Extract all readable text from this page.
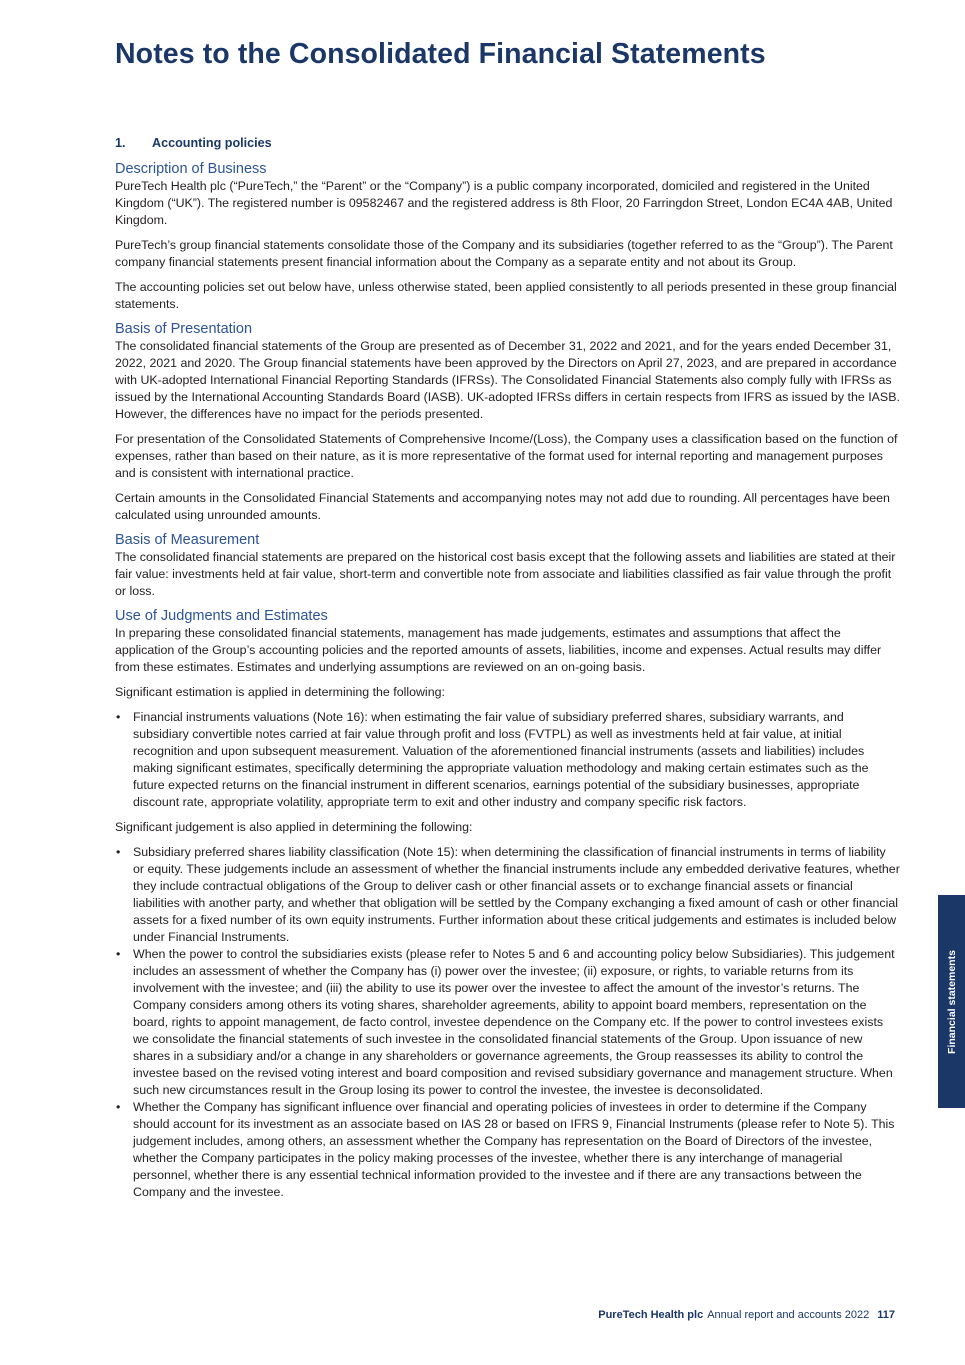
Notes to the Consolidated Financial Statements
1. Accounting policies
Description of Business

PureTech Health plc (“PureTech,” the “Parent” or the “Company”) is a public company incorporated, domiciled and registered in the United Kingdom (“UK”). The registered number is 09582467 and the registered address is 8th Floor, 20 Farringdon Street, London EC4A 4AB, United Kingdom.

PureTech’s group financial statements consolidate those of the Company and its subsidiaries (together referred to as the “Group”). The Parent company financial statements present financial information about the Company as a separate entity and not about its Group.

The accounting policies set out below have, unless otherwise stated, been applied consistently to all periods presented in these group financial statements.

Basis of Presentation

The consolidated financial statements of the Group are presented as of December 31, 2022 and 2021, and for the years ended December 31, 2022, 2021 and 2020. The Group financial statements have been approved by the Directors on April 27, 2023, and are prepared in accordance with UK-adopted International Financial Reporting Standards (IFRSs). The Consolidated Financial Statements also comply fully with IFRSs as issued by the International Accounting Standards Board (IASB). UK-adopted IFRSs differs in certain respects from IFRS as issued by the IASB. However, the differences have no impact for the periods presented.

For presentation of the Consolidated Statements of Comprehensive Income/(Loss), the Company uses a classification based on the function of expenses, rather than based on their nature, as it is more representative of the format used for internal reporting and management purposes and is consistent with international practice.

Certain amounts in the Consolidated Financial Statements and accompanying notes may not add due to rounding. All percentages have been calculated using unrounded amounts.

Basis of Measurement

The consolidated financial statements are prepared on the historical cost basis except that the following assets and liabilities are stated at their fair value: investments held at fair value, short-term and convertible note from associate and liabilities classified as fair value through the profit or loss.

Use of Judgments and Estimates

In preparing these consolidated financial statements, management has made judgements, estimates and assumptions that affect the application of the Group’s accounting policies and the reported amounts of assets, liabilities, income and expenses. Actual results may differ from these estimates. Estimates and underlying assumptions are reviewed on an on-going basis.

Significant estimation is applied in determining the following:

• Financial instruments valuations (Note 16): when estimating the fair value of subsidiary preferred shares, subsidiary warrants, and subsidiary convertible notes carried at fair value through profit and loss (FVTPL) as well as investments held at fair value, at initial recognition and upon subsequent measurement. Valuation of the aforementioned financial instruments (assets and liabilities) includes making significant estimates, specifically determining the appropriate valuation methodology and making certain estimates such as the future expected returns on the financial instrument in different scenarios, earnings potential of the subsidiary businesses, appropriate discount rate, appropriate volatility, appropriate term to exit and other industry and company specific risk factors.

Significant judgement is also applied in determining the following:

• Subsidiary preferred shares liability classification (Note 15): when determining the classification of financial instruments in terms of liability or equity. These judgements include an assessment of whether the financial instruments include any embedded derivative features, whether they include contractual obligations of the Group to deliver cash or other financial assets or to exchange financial assets or financial liabilities with another party, and whether that obligation will be settled by the Company exchanging a fixed amount of cash or other financial assets for a fixed number of its own equity instruments. Further information about these critical judgements and estimates is included below under Financial Instruments.
• When the power to control the subsidiaries exists (please refer to Notes 5 and 6 and accounting policy below Subsidiaries). This judgement includes an assessment of whether the Company has (i) power over the investee; (ii) exposure, or rights, to variable returns from its involvement with the investee; and (iii) the ability to use its power over the investee to affect the amount of the investor’s returns. The Company considers among others its voting shares, shareholder agreements, ability to appoint board members, representation on the board, rights to appoint management, de facto control, investee dependence on the Company etc. If the power to control investees exists we consolidate the financial statements of such investee in the consolidated financial statements of the Group. Upon issuance of new shares in a subsidiary and/or a change in any shareholders or governance agreements, the Group reassesses its ability to control the investee based on the revised voting interest and board composition and revised subsidiary governance and management structure. When such new circumstances result in the Group losing its power to control the investee, the investee is deconsolidated.
• Whether the Company has significant influence over financial and operating policies of investees in order to determine if the Company should account for its investment as an associate based on IAS 28 or based on IFRS 9, Financial Instruments (please refer to Note 5). This judgement includes, among others, an assessment whether the Company has representation on the Board of Directors of the investee, whether the Company participates in the policy making processes of the investee, whether there is any interchange of managerial personnel, whether there is any essential technical information provided to the investee and if there are any transactions between the Company and the investee.
Financial statements
PureTech Health plc Annual report and accounts 2022 117
